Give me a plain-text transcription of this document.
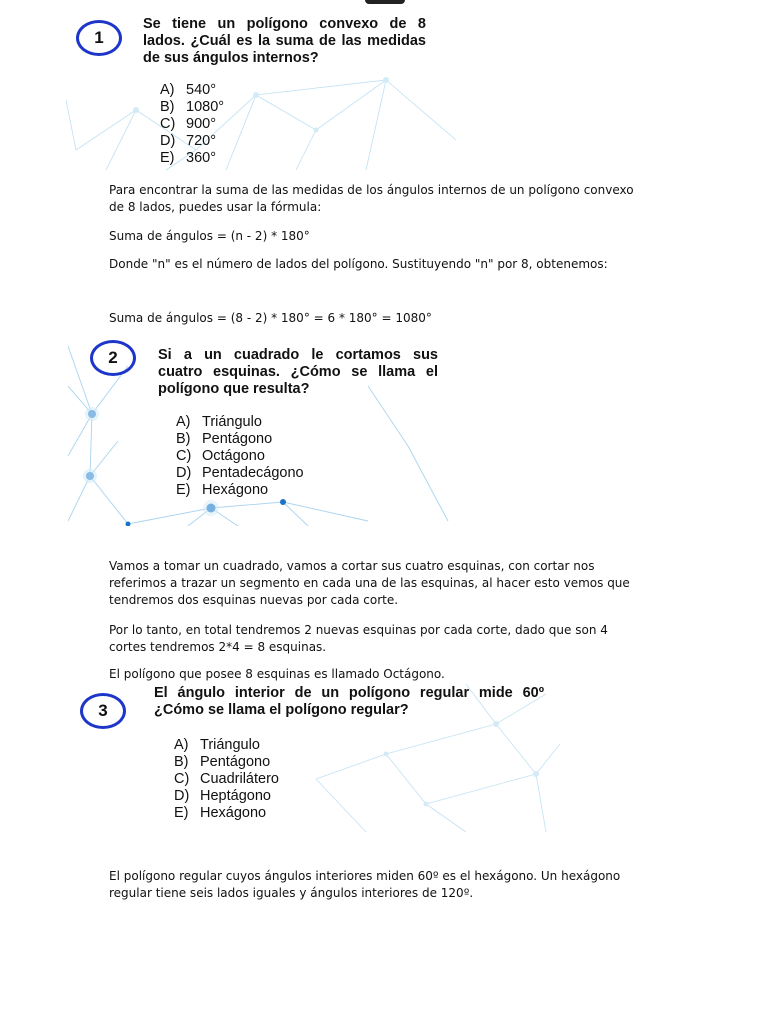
1
Se tiene un polígono convexo de 8
lados. ¿Cuál es la suma de las medidas
de sus ángulos internos?
A) 540°
B) 1080°
C) 900°
D) 720°
E) 360°

Para encontrar la suma de las medidas de los ángulos internos de un polígono convexo de 8 lados, puedes usar la fórmula:

Suma de ángulos = (n - 2) * 180°

Donde "n" es el número de lados del polígono. Sustituyendo "n" por 8, obtenemos:

Suma de ángulos = (8 - 2) * 180° = 6 * 180° = 1080°

2	Si a un cuadrado le cortamos sus
cuatro esquinas. ¿Cómo se llama el
polígono que resulta?
A) Triángulo
B) Pentágono
C) Octágono
D) Pentadecágono
E) Hexágono

Vamos a tomar un cuadrado, vamos a cortar sus cuatro esquinas, con cortar nos referimos a trazar un segmento en cada una de las esquinas, al hacer esto vemos que tendremos dos esquinas nuevas por cada corte.

Por lo tanto, en total tendremos 2 nuevas esquinas por cada corte, dado que son 4 cortes tendremos 2*4 = 8 esquinas.

El polígono que posee 8 esquinas es llamado Octágono.

3
El ángulo interior de un polígono regular mide 60º
¿Cómo se llama el polígono regular?
A) Triángulo
B) Pentágono
C) Cuadrilátero
D) Heptágono
E) Hexágono

El polígono regular cuyos ángulos interiores miden 60º es el hexágono. Un hexágono regular tiene seis lados iguales y ángulos interiores de 120º.
